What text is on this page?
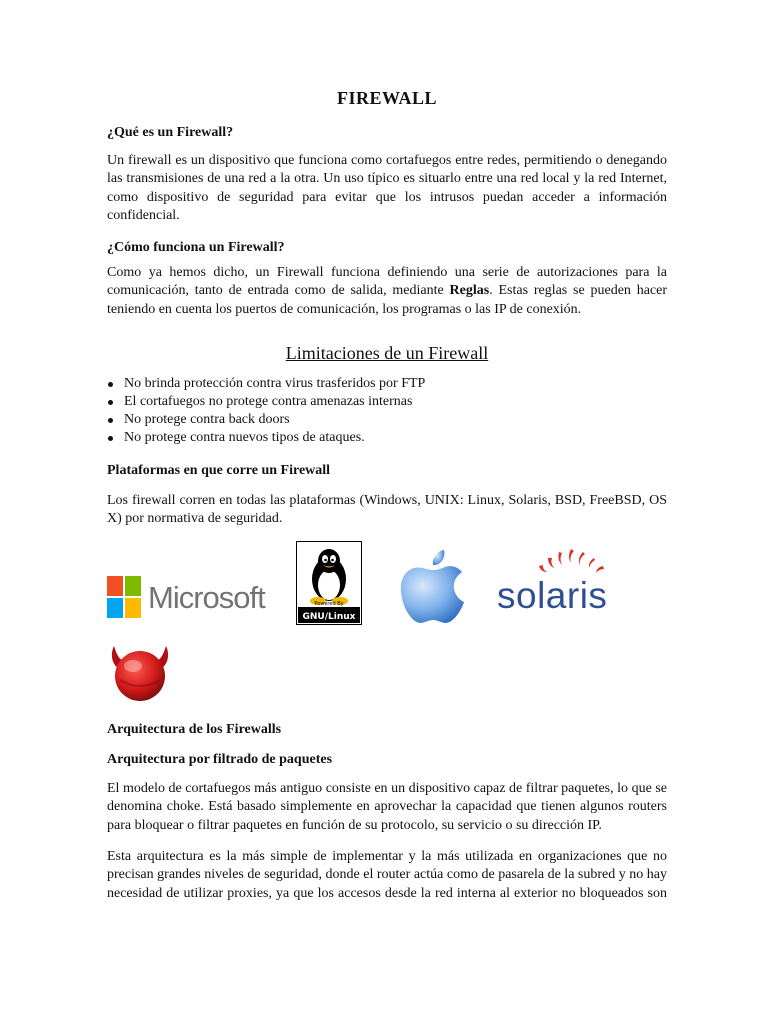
FIREWALL
¿Qué es un Firewall?
Un firewall es un dispositivo que funciona como cortafuegos entre redes, permitiendo o denegando
las transmisiones de una red a la otra. Un uso típico es situarlo entre una red local y la red Internet,
como dispositivo de seguridad para evitar que los intrusos puedan acceder a información
confidencial.
¿Cómo funciona un Firewall?
Como ya hemos dicho, un Firewall funciona definiendo una serie de autorizaciones para la
comunicación, tanto de entrada como de salida, mediante Reglas. Estas reglas se pueden hacer
teniendo en cuenta los puertos de comunicación, los programas o las IP de conexión.
Limitaciones de un Firewall
No brinda protección contra virus trasferidos por FTP
El cortafuegos no protege contra amenazas internas
No protege contra back doors
No protege contra nuevos tipos de ataques.
Plataformas en que corre un Firewall
Los firewall corren en todas las plataformas (Windows, UNIX: Linux, Solaris, BSD, FreeBSD, OS
X) por normativa de seguridad.
Arquitectura de los Firewalls
Arquitectura por filtrado de paquetes
El modelo de cortafuegos más antiguo consiste en un dispositivo capaz de filtrar paquetes, lo que se
denomina choke. Está basado simplemente en aprovechar la capacidad que tienen algunos routers
para bloquear o filtrar paquetes en función de su protocolo, su servicio o su dirección IP.
Esta arquitectura es la más simple de implementar y la más utilizada en organizaciones que no
precisan grandes niveles de seguridad, donde el router actúa como de pasarela de la subred y no hay
necesidad de utilizar proxies, ya que los accesos desde la red interna al exterior no bloqueados son
Microsoft	Powered By
GNU/Linux
solaris
